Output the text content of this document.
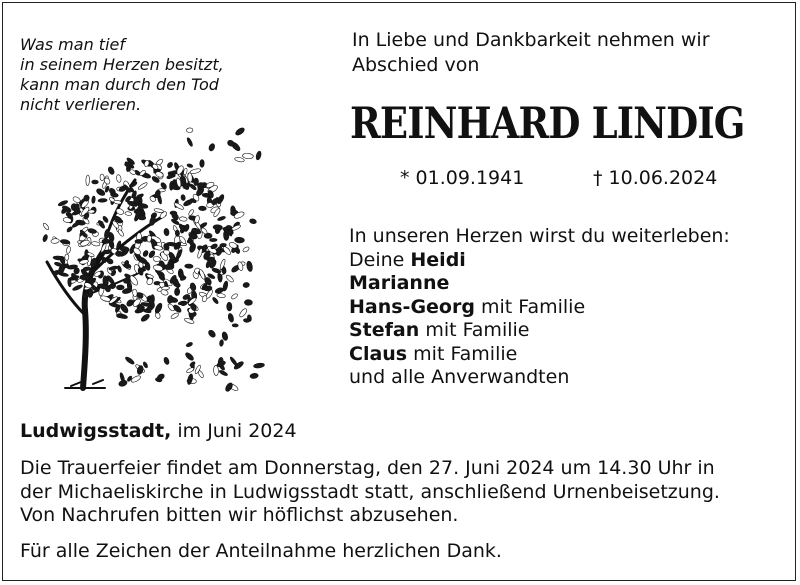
Was man tief
in seinem Herzen besitzt,
kann man durch den Tod
nicht verlieren.
In Liebe und Dankbarkeit nehmen wir
Abschied von
REINHARD LINDIG
* 01.09.1941	† 10.06.2024
In unseren Herzen wirst du weiterleben:
Deine Heidi
Marianne
Hans-Georg mit Familie
Stefan mit Familie
Claus mit Familie
und alle Anverwandten
Ludwigsstadt, im Juni 2024
Die Trauerfeier findet am Donnerstag, den 27. Juni 2024 um 14.30 Uhr in
der Michaeliskirche in Ludwigsstadt statt, anschließend Urnenbeisetzung.
Von Nachrufen bitten wir höflichst abzusehen.
Für alle Zeichen der Anteilnahme herzlichen Dank.
